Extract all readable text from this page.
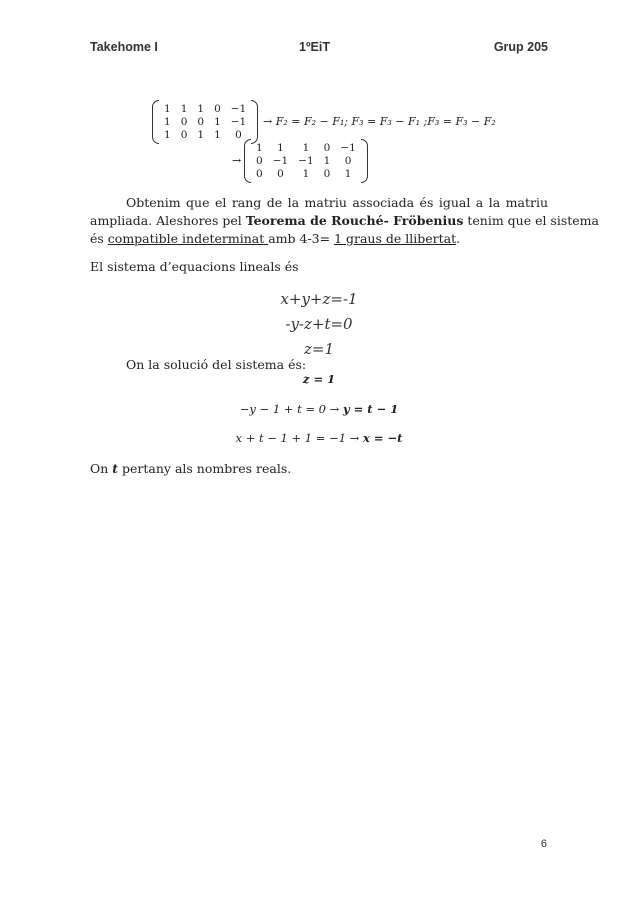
Takehome I	1ºEiT	Grup 205
1	1	1	0	−1
1	0	0	1	−1
1	0	1	1	0
→ F₂ = F₂ − F₁; F₃ = F₃ − F₁ ;F₃ = F₃ − F₂
→
1	1	1	0	−1
0	−1	−1	1	0
0	0	1	0	1
Obtenim que el rang de la matriu associada és igual a la matriu
ampliada. Aleshores pel Teorema de Rouché- Fröbenius tenim que el sistema
és compatible indeterminat amb 4-3= 1 graus de llibertat.
El sistema d’equacions lineals és
x+y+z=-1
-y-z+t=0
z=1
On la solució del sistema és:
z = 1
−y − 1 + t = 0 → y = t − 1
x + t − 1 + 1 = −1 → x = −t
On t pertany als nombres reals.
6
